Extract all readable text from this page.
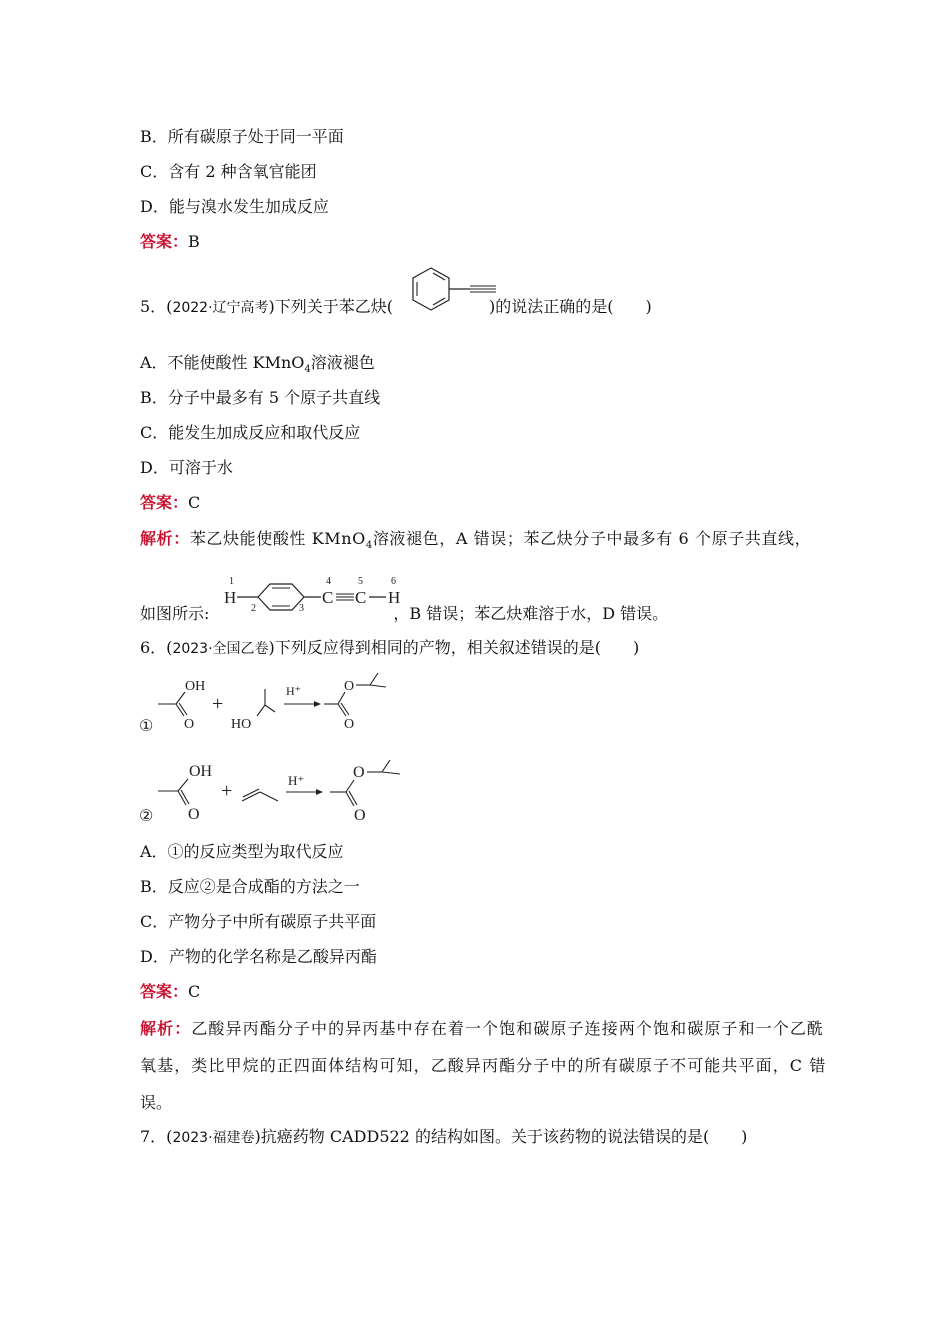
B．所有碳原子处于同一平面
C．含有 2 种含氧官能团
D．能与溴水发生加成反应
答案：B
5．(2022·辽宁高考)下列关于苯乙炔(	)的说法正确的是(　　)
A．不能使酸性 KMnO$_4$溶液褪色
B．分子中最多有 5 个原子共直线
C．能发生加成反应和取代反应
D．可溶于水
答案：C
解析：苯乙炔能使酸性 KMnO$_4$溶液褪色，A 错误；苯乙炔分子中最多有 6 个原子共直线，
如图所示:	，B 错误；苯乙炔难溶于水，D 错误。
1
H
2	3
4
C
5
C
6
H
6．(2023·全国乙卷)下列反应得到相同的产物，相关叙述错误的是(　　)
①
OH
O
+
HO
H⁺	O
O
②
OH
O
+	H⁺	O
O
A．①的反应类型为取代反应
B．反应②是合成酯的方法之一
C．产物分子中所有碳原子共平面
D．产物的化学名称是乙酸异丙酯
答案：C
解析：乙酸异丙酯分子中的异丙基中存在着一个饱和碳原子连接两个饱和碳原子和一个乙酰
氧基，类比甲烷的正四面体结构可知，乙酸异丙酯分子中的所有碳原子不可能共平面，C 错
误。
7．(2023·福建卷)抗癌药物 CADD522 的结构如图。关于该药物的说法错误的是(　　)
